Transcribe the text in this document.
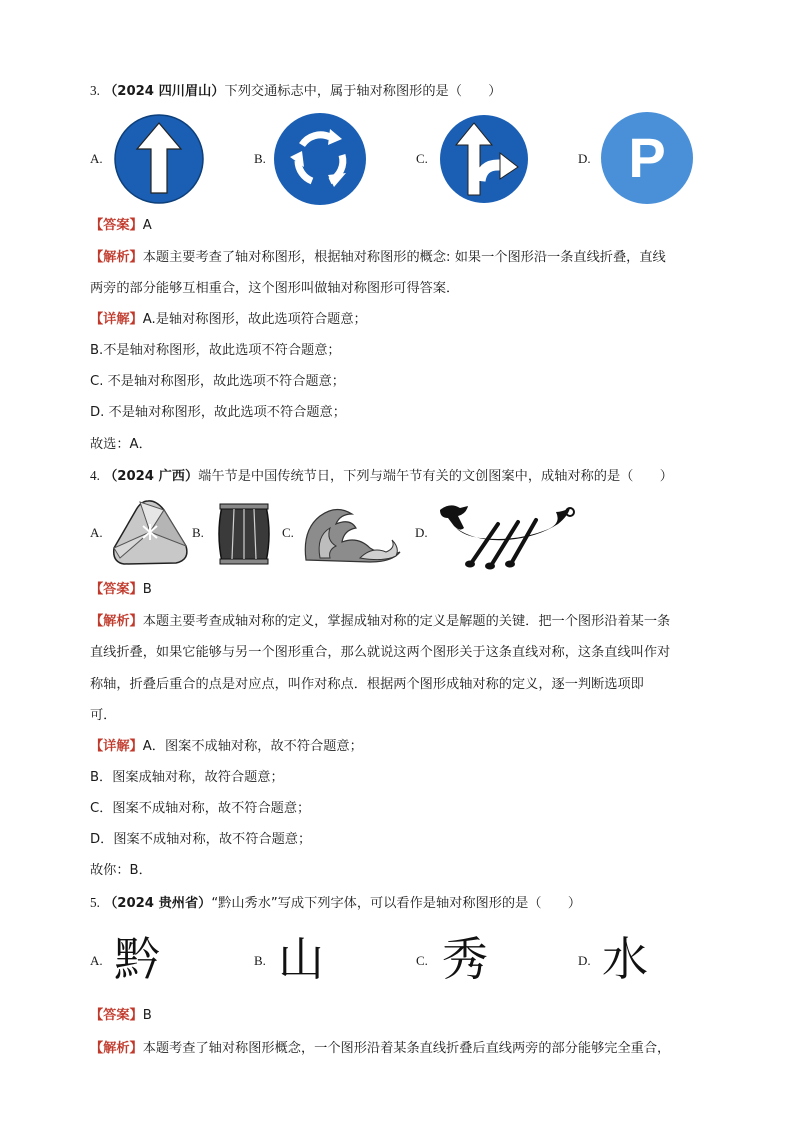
3. （2024 四川眉山）下列交通标志中，属于轴对称图形的是（　　）
A.	B.	C.	D. P
【答案】A
【解析】本题主要考查了轴对称图形，根据轴对称图形的概念: 如果一个图形沿一条直线折叠，直线
两旁的部分能够互相重合，这个图形叫做轴对称图形可得答案．
【详解】A.是轴对称图形，故此选项符合题意；
B.不是轴对称图形，故此选项不符合题意；
C. 不是轴对称图形，故此选项不符合题意；
D. 不是轴对称图形，故此选项不符合题意；
故选：A．
4. （2024 广西）端午节是中国传统节日，下列与端午节有关的文创图案中，成轴对称的是（　　）
A.	B.	C.	D.
【答案】B
【解析】本题主要考查成轴对称的定义，掌握成轴对称的定义是解题的关键．把一个图形沿着某一条
直线折叠，如果它能够与另一个图形重合，那么就说这两个图形关于这条直线对称，这条直线叫作对
称轴，折叠后重合的点是对应点，叫作对称点．根据两个图形成轴对称的定义，逐一判断选项即
可．
【详解】A．图案不成轴对称，故不符合题意；
B．图案成轴对称，故符合题意；
C．图案不成轴对称，故不符合题意；
D．图案不成轴对称，故不符合题意；
故你：B．
5. （2024 贵州省）“黔山秀水”写成下列字体，可以看作是轴对称图形的是（　　）
A. 黔	B. 山	C. 秀	D. 水
【答案】B
【解析】本题考查了轴对称图形概念，一个图形沿着某条直线折叠后直线两旁的部分能够完全重合，
